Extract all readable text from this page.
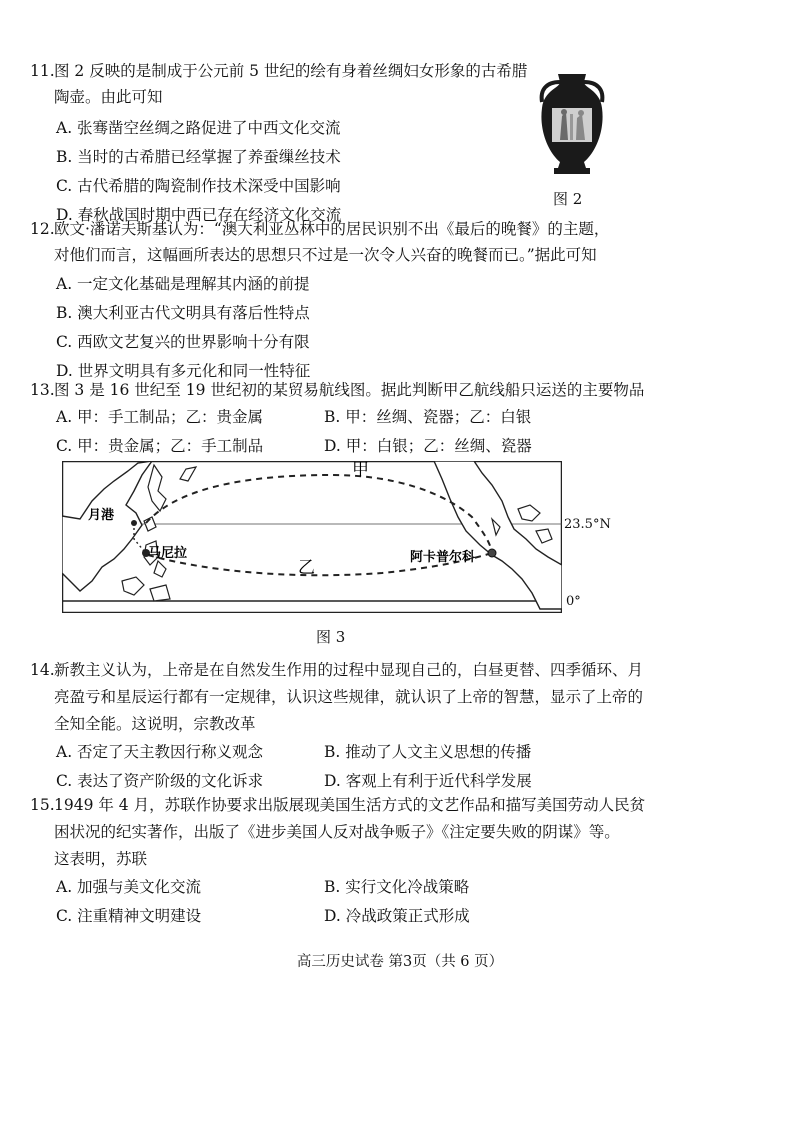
11. 图 2 反映的是制成于公元前 5 世纪的绘有身着丝绸妇女形象的古希腊
陶壶。由此可知
A. 张骞凿空丝绸之路促进了中西文化交流
B. 当时的古希腊已经掌握了养蚕缫丝技术
C. 古代希腊的陶瓷制作技术深受中国影响
D. 春秋战国时期中西已存在经济文化交流
图 2
12. 欧文·潘诺夫斯基认为：“澳大利亚丛林中的居民识别不出《最后的晚餐》的主题，
对他们而言，这幅画所表达的思想只不过是一次令人兴奋的晚餐而已。”据此可知
A. 一定文化基础是理解其内涵的前提
B. 澳大利亚古代文明具有落后性特点
C. 西欧文艺复兴的世界影响十分有限
D. 世界文明具有多元化和同一性特征
13. 图 3 是 16 世纪至 19 世纪初的某贸易航线图。据此判断甲乙航线船只运送的主要物品
A. 甲：手工制品；乙：贵金属	B. 甲：丝绸、瓷器；乙：白银
C. 甲：贵金属；乙：手工制品	D. 甲：白银；乙：丝绸、瓷器
甲
乙
月港
马尼拉	阿卡普尔科
23.5°N
0°
图 3
14. 新教主义认为，上帝是在自然发生作用的过程中显现自己的，白昼更替、四季循环、月
亮盈亏和星辰运行都有一定规律，认识这些规律，就认识了上帝的智慧，显示了上帝的
全知全能。这说明，宗教改革
A. 否定了天主教因行称义观念	B. 推动了人文主义思想的传播
C. 表达了资产阶级的文化诉求	D. 客观上有利于近代科学发展
15. 1949 年 4 月，苏联作协要求出版展现美国生活方式的文艺作品和描写美国劳动人民贫
困状况的纪实著作，出版了《进步美国人反对战争贩子》《注定要失败的阴谋》等。
这表明，苏联
A. 加强与美文化交流	B. 实行文化冷战策略
C. 注重精神文明建设	D. 冷战政策正式形成
高三历史试卷 第3页（共 6 页）
